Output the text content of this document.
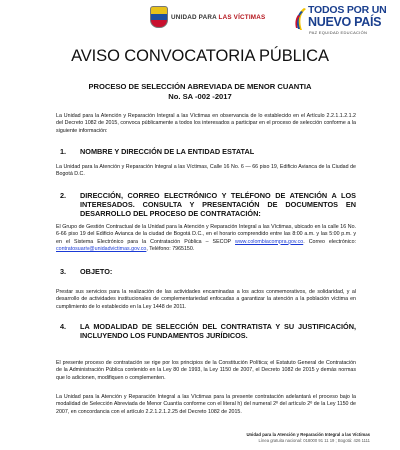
UNIDAD PARA LAS VÍCTIMAS
TODOS POR UN
NUEVO PAÍS
PAZ EQUIDAD EDUCACIÓN
AVISO CONVOCATORIA PÚBLICA
PROCESO DE SELECCIÓN ABREVIADA DE MENOR CUANTIA
No. SA -002 -2017

La Unidad para la Atención y Reparación Integral a las Víctimas en observancia de lo establecido en el Artículo 2.2.1.1.2.1.2 del Decreto 1082 de 2015, convoca públicamente a todos los interesados a participar en el proceso de selección conforme a la siguiente información:

1.	NOMBRE Y DIRECCIÓN DE LA ENTIDAD ESTATAL

La Unidad para la Atención y Reparación Integral a las Víctimas, Calle 16 No. 6 — 66 piso 19, Edificio Avianca de la Ciudad de Bogotá D.C.

2.	DIRECCIÓN, CORREO ELECTRÓNICO Y TELÉFONO DE ATENCIÓN A LOS INTERESADOS. CONSULTA Y PRESENTACIÓN DE DOCUMENTOS EN DESARROLLO DEL PROCESO DE CONTRATACIÓN:

El Grupo de Gestión Contractual de la Unidad para la Atención y Reparación Integral a las Víctimas, ubicado en la calle 16 No. 6-66 piso 19 del Edificio Avianca de la ciudad de Bogotá D.C., en el horario comprendido entre las 8:00 a.m. y las 5:00 p.m. y en el Sistema Electrónico para la Contratación Pública – SECOP www.colombiacompra.gov.co. Correo electrónico: contratosuariv@unidadvictimas.gov.co, Teléfono: 7965150.

3.	OBJETO:

Prestar sus servicios para la realización de las actividades encaminadas a los actos conmemorativos, de solidaridad, y al desarrollo de actividades institucionales de complementariedad enfocadas a garantizar la atención a la población víctima en cumplimiento de lo establecido en la Ley 1448 de 2011.

4.	LA MODALIDAD DE SELECCIÓN DEL CONTRATISTA Y SU JUSTIFICACIÓN, INCLUYENDO LOS FUNDAMENTOS JURÍDICOS.

El presente proceso de contratación se rige por los principios de la Constitución Política; el Estatuto General de Contratación de la Administración Pública contenido en la Ley 80 de 1993, la Ley 1150 de 2007, el Decreto 1082 de 2015 y demás normas que lo adicionen, modifiquen o complementen.

La Unidad para la Atención y Reparación Integral a las Víctimas para la presente contratación adelantará el proceso bajo la modalidad de Selección Abreviada de Menor Cuantía conforme con el literal h) del numeral 2º del artículo 2º de la Ley 1150 de 2007, en concordancia con el artículo 2.2.1.2.1.2.25 del Decreto 1082 de 2015.

Unidad para la Atención y Reparación Integral a las Víctimas
Línea gratuita nacional: 018000 91 11 19 ; Bogotá: 426 1111
